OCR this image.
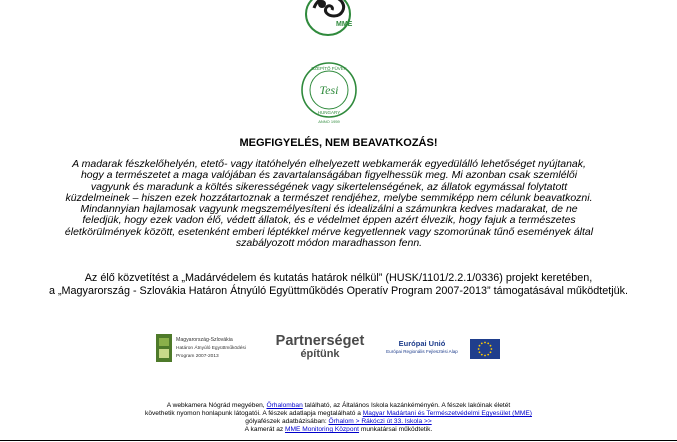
MME
SZÉPÍTŐ FÜVEK
Tesi
HUNGARY
ANNO 1959
MEGFIGYELÉS, NEM BEAVATKOZÁS!
A madarak fészkelőhelyén, etető- vagy itatóhelyén elhelyezett webkamerák egyedülálló lehetőséget nyújtanak,
hogy a természetet a maga valójában és zavartalanságában figyelhessük meg. Mi azonban csak szemlélői
vagyunk és maradunk a költés sikerességének vagy sikertelenségének, az állatok egymással folytatott
küzdelmeinek – hiszen ezek hozzátartoznak a természet rendjéhez, melybe semmiképp nem célunk beavatkozni.
Mindannyian hajlamosak vagyunk megszemélyesíteni és idealizálni a számunkra kedves madarakat, de ne
feledjük, hogy ezek vadon élő, védett állatok, és e védelmet éppen azért élvezik, hogy fajuk a természetes
életkörülmények között, esetenként emberi léptékkel mérve kegyetlennek vagy szomorúnak tűnő események által
szabályozott módon maradhasson fenn.
Az élő közvetítést a „Madárvédelem és kutatás határok nélkül” (HUSK/1101/2.2.1/0336) projekt keretében,
a „Magyarország - Szlovákia Határon Átnyúló Együttműködés Operatív Program 2007-2013” támogatásával működtetjük.
Magyarország-Szlovákia
Határon Átnyúló Együttműködési
Program 2007-2013
Partnerséget
építünk
Európai Unió
Európai Regionális Fejlesztési Alap
A webkamera Nógrád megyében, Őrhalomban található, az Általános Iskola kazánkéményén. A fészek lakóinak életét
követhetik nyomon honlapunk látogatói. A fészek adatlapja megtalálható a Magyar Madártani és Természetvédelmi Egyesület (MME)
gólyafészek adatbázisában: Őrhalom > Rákóczi út 33. Iskola >>
A kamerát az MME Monitoring Központ munkatársai működtetik.
